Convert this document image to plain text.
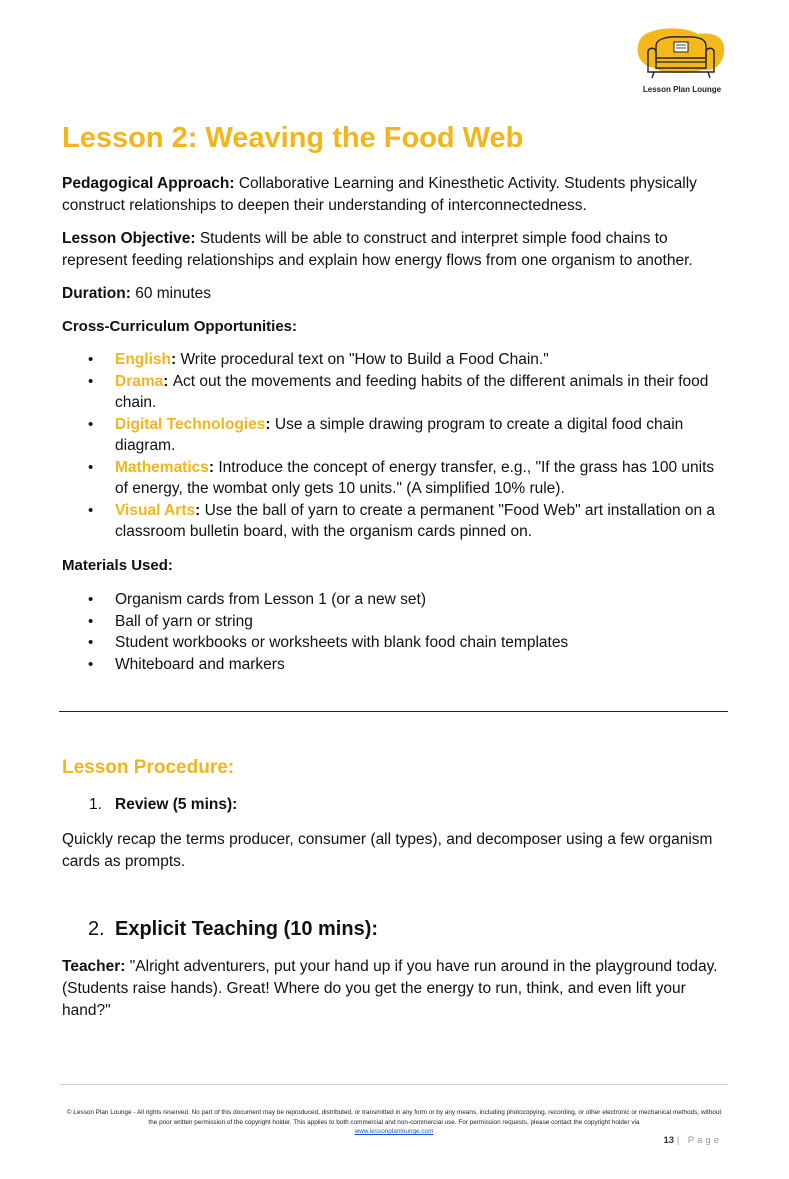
Lesson Plan Lounge
Lesson 2: Weaving the Food Web

Pedagogical Approach: Collaborative Learning and Kinesthetic Activity. Students physically construct relationships to deepen their understanding of interconnectedness.

Lesson Objective: Students will be able to construct and interpret simple food chains to represent feeding relationships and explain how energy flows from one organism to another.

Duration: 60 minutes

Cross-Curriculum Opportunities:

• English: Write procedural text on "How to Build a Food Chain."
• Drama: Act out the movements and feeding habits of the different animals in their food chain.
• Digital Technologies: Use a simple drawing program to create a digital food chain diagram.
• Mathematics: Introduce the concept of energy transfer, e.g., "If the grass has 100 units of energy, the wombat only gets 10 units." (A simplified 10% rule).
• Visual Arts: Use the ball of yarn to create a permanent "Food Web" art installation on a classroom bulletin board, with the organism cards pinned on.

Materials Used:

• Organism cards from Lesson 1 (or a new set)
• Ball of yarn or string
• Student workbooks or worksheets with blank food chain templates
• Whiteboard and markers
Lesson Procedure:

1. Review (5 mins):

Quickly recap the terms producer, consumer (all types), and decomposer using a few organism cards as prompts.

2. Explicit Teaching (10 mins):

Teacher: "Alright adventurers, put your hand up if you have run around in the playground today. (Students raise hands). Great! Where do you get the energy to run, think, and even lift your hand?"

© Lesson Plan Lounge - All rights reserved. No part of this document may be reproduced, distributed, or transmitted in any form or by any means, including photocopying, recording, or other electronic or mechanical methods, without the prior written permission of the copyright holder. This applies to both commercial and non-commercial use. For permission requests, please contact the copyright holder via
www.lessonplanlounge.com
13 | Page
